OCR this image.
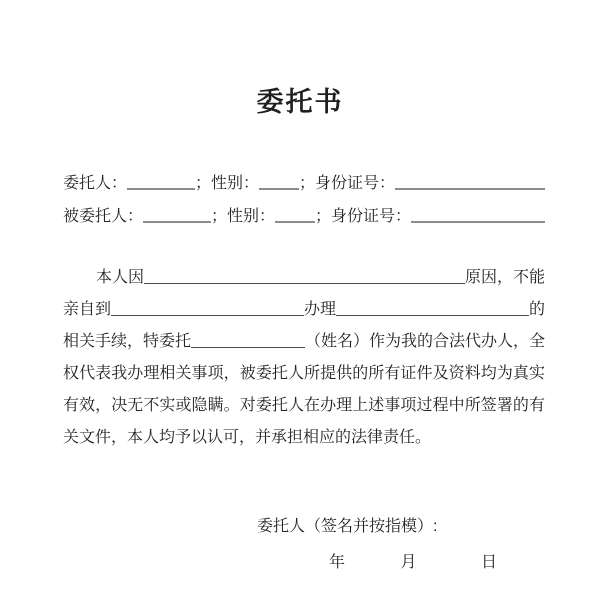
委托书
委托人：	；性别：	；身份证号：
被委托人：	；性别：	；身份证号：
本人因	原因，不能
亲自到	办理	的
相关手续，特委托	（姓名）作为我的合法代办人，全
权代表我办理相关事项，被委托人所提供的所有证件及资料均为真实
有效，决无不实或隐瞒。对委托人在办理上述事项过程中所签署的有
关文件，本人均予以认可，并承担相应的法律责任。
委托人（签名并按指模）:
年	月	日
